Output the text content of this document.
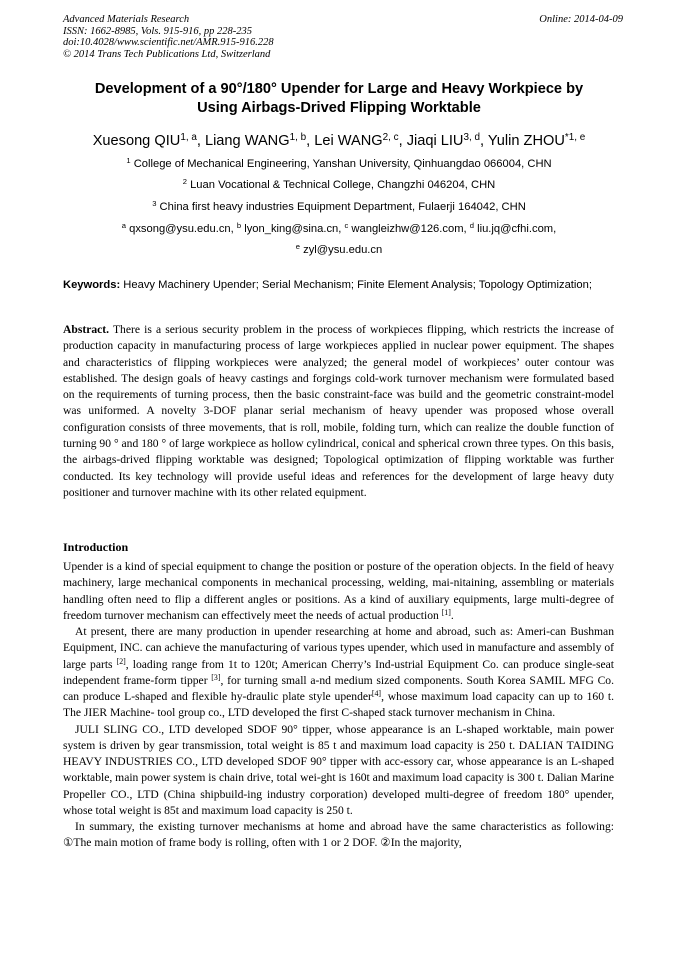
Advanced Materials Research
ISSN: 1662-8985, Vols. 915-916, pp 228-235
doi:10.4028/www.scientific.net/AMR.915-916.228
© 2014 Trans Tech Publications Ltd, Switzerland
Online: 2014-04-09
Development of a 90°/180° Upender for Large and Heavy Workpiece by
Using Airbags-Drived Flipping Worktable
Xuesong QIU$^{1, a}$, Liang WANG$^{1, b}$, Lei WANG$^{2, c}$, Jiaqi LIU$^{3, d}$, Yulin ZHOU$^{*1, e}$
$^1$ College of Mechanical Engineering, Yanshan University, Qinhuangdao 066004, CHN
$^2$ Luan Vocational & Technical College, Changzhi 046204, CHN
$^3$ China first heavy industries Equipment Department, Fulaerji 164042, CHN
$^a$ qxsong@ysu.edu.cn, $^b$ lyon_king@sina.cn, $^c$ wangleizhw@126.com, $^d$ liu.jq@cfhi.com,
$^e$ zyl@ysu.edu.cn
Keywords: Heavy Machinery Upender; Serial Mechanism; Finite Element Analysis; Topology Optimization;
Abstract. There is a serious security problem in the process of workpieces flipping, which restricts the increase of production capacity in manufacturing process of large workpieces applied in nuclear power equipment. The shapes and characteristics of flipping workpieces were analyzed; the general model of workpieces’ outer contour was established. The design goals of heavy castings and forgings cold-work turnover mechanism were formulated based on the requirements of turning process, then the basic constraint-face was build and the geometric constraint-model was uniformed. A novelty 3-DOF planar serial mechanism of heavy upender was proposed whose overall configuration consists of three movements, that is roll, mobile, folding turn, which can realize the double function of turning 90 ° and 180 ° of large workpiece as hollow cylindrical, conical and spherical crown three types. On this basis, the airbags-drived flipping worktable was designed; Topological optimization of flipping worktable was further conducted. Its key technology will provide useful ideas and references for the development of large heavy duty positioner and turnover machine with its other related equipment.
Introduction

Upender is a kind of special equipment to change the position or posture of the operation objects. In the field of heavy machinery, large mechanical components in mechanical processing, welding, mai-nitaining, assembling or materials handling often need to flip a different angles or positions. As a kind of auxiliary equipments, large multi-degree of freedom turnover mechanism can effectively meet the needs of actual production [1].

At present, there are many production in upender researching at home and abroad, such as: Ameri-can Bushman Equipment, INC. can achieve the manufacturing of various types upender, which used in manufacture and assembly of large parts [2], loading range from 1t to 120t; American Cherry’s Ind-ustrial Equipment Co. can produce single-seat independent frame-form tipper [3], for turning small a-nd medium sized components. South Korea SAMIL MFG Co. can produce L-shaped and flexible hy-draulic plate style upender[4], whose maximum load capacity can up to 160 t. The JIER Machine- tool group co., LTD developed the first C-shaped stack turnover mechanism in China.

JULI SLING CO., LTD developed SDOF 90° tipper, whose appearance is an L-shaped worktable, main power system is driven by gear transmission, total weight is 85 t and maximum load capacity is 250 t. DALIAN TAIDING HEAVY INDUSTRIES CO., LTD developed SDOF 90° tipper with acc-essory car, whose appearance is an L-shaped worktable, main power system is chain drive, total wei-ght is 160t and maximum load capacity is 300 t. Dalian Marine Propeller CO., LTD (China shipbuild-ing industry corporation) developed multi-degree of freedom 180° upender, whose total weight is 85t and maximum load capacity is 250 t.

In summary, the existing turnover mechanisms at home and abroad have the same characteristics as following: ①The main motion of frame body is rolling, often with 1 or 2 DOF. ②In the majority,
